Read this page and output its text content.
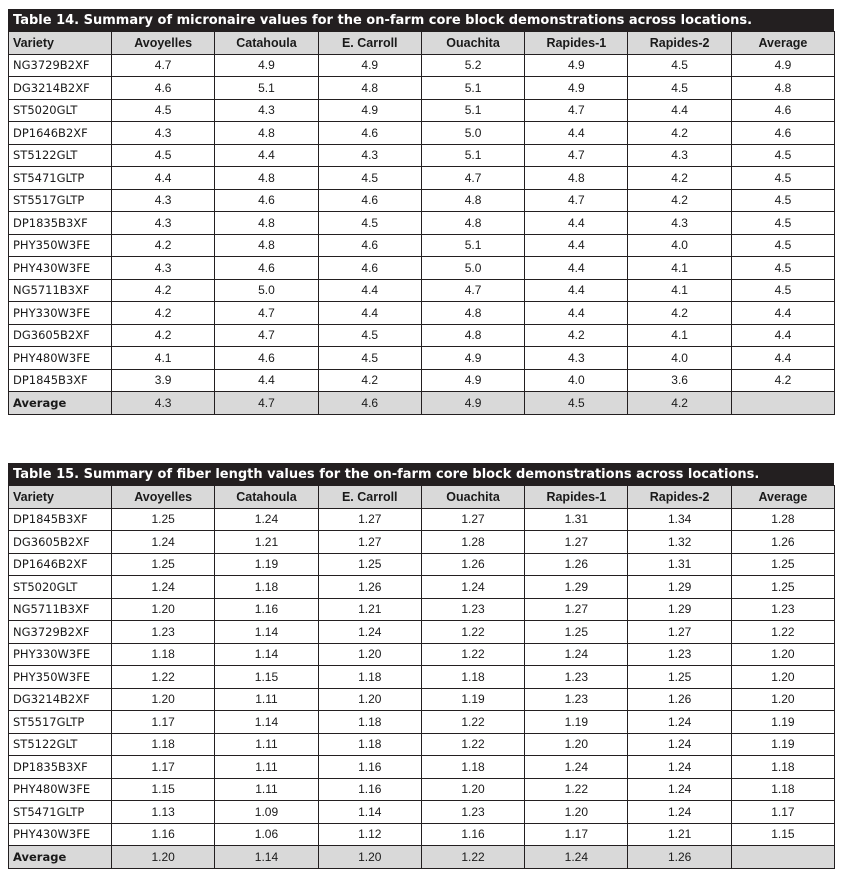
Table 14. Summary of micronaire values for the on-farm core block demonstrations across locations.
Variety	Avoyelles	Catahoula	E. Carroll	Ouachita	Rapides-1	Rapides-2	Average
NG3729B2XF	4.7	4.9	4.9	5.2	4.9	4.5	4.9
DG3214B2XF	4.6	5.1	4.8	5.1	4.9	4.5	4.8
ST5020GLT	4.5	4.3	4.9	5.1	4.7	4.4	4.6
DP1646B2XF	4.3	4.8	4.6	5.0	4.4	4.2	4.6
ST5122GLT	4.5	4.4	4.3	5.1	4.7	4.3	4.5
ST5471GLTP	4.4	4.8	4.5	4.7	4.8	4.2	4.5
ST5517GLTP	4.3	4.6	4.6	4.8	4.7	4.2	4.5
DP1835B3XF	4.3	4.8	4.5	4.8	4.4	4.3	4.5
PHY350W3FE	4.2	4.8	4.6	5.1	4.4	4.0	4.5
PHY430W3FE	4.3	4.6	4.6	5.0	4.4	4.1	4.5
NG5711B3XF	4.2	5.0	4.4	4.7	4.4	4.1	4.5
PHY330W3FE	4.2	4.7	4.4	4.8	4.4	4.2	4.4
DG3605B2XF	4.2	4.7	4.5	4.8	4.2	4.1	4.4
PHY480W3FE	4.1	4.6	4.5	4.9	4.3	4.0	4.4
DP1845B3XF	3.9	4.4	4.2	4.9	4.0	3.6	4.2
Average	4.3	4.7	4.6	4.9	4.5	4.2	
Table 15. Summary of fiber length values for the on-farm core block demonstrations across locations.
Variety	Avoyelles	Catahoula	E. Carroll	Ouachita	Rapides-1	Rapides-2	Average
DP1845B3XF	1.25	1.24	1.27	1.27	1.31	1.34	1.28
DG3605B2XF	1.24	1.21	1.27	1.28	1.27	1.32	1.26
DP1646B2XF	1.25	1.19	1.25	1.26	1.26	1.31	1.25
ST5020GLT	1.24	1.18	1.26	1.24	1.29	1.29	1.25
NG5711B3XF	1.20	1.16	1.21	1.23	1.27	1.29	1.23
NG3729B2XF	1.23	1.14	1.24	1.22	1.25	1.27	1.22
PHY330W3FE	1.18	1.14	1.20	1.22	1.24	1.23	1.20
PHY350W3FE	1.22	1.15	1.18	1.18	1.23	1.25	1.20
DG3214B2XF	1.20	1.11	1.20	1.19	1.23	1.26	1.20
ST5517GLTP	1.17	1.14	1.18	1.22	1.19	1.24	1.19
ST5122GLT	1.18	1.11	1.18	1.22	1.20	1.24	1.19
DP1835B3XF	1.17	1.11	1.16	1.18	1.24	1.24	1.18
PHY480W3FE	1.15	1.11	1.16	1.20	1.22	1.24	1.18
ST5471GLTP	1.13	1.09	1.14	1.23	1.20	1.24	1.17
PHY430W3FE	1.16	1.06	1.12	1.16	1.17	1.21	1.15
Average	1.20	1.14	1.20	1.22	1.24	1.26	
